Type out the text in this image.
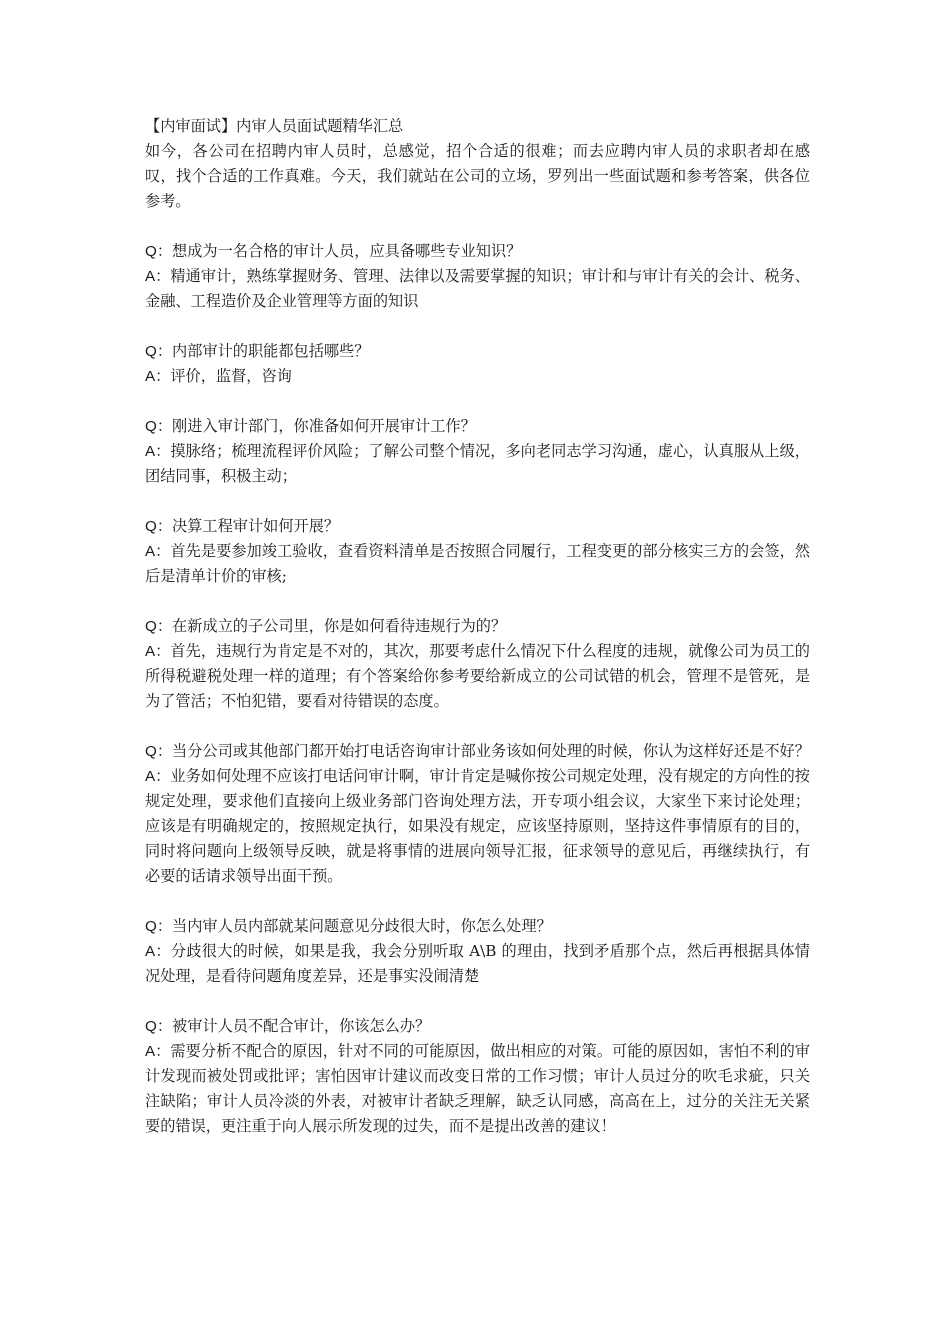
【内审面试】内审人员面试题精华汇总

如今，各公司在招聘内审人员时，总感觉，招个合适的很难；而去应聘内审人员的求职者却在感叹，找个合适的工作真难。今天，我们就站在公司的立场，罗列出一些面试题和参考答案，供各位参考。

Q：想成为一名合格的审计人员，应具备哪些专业知识？

A：精通审计，熟练掌握财务、管理、法律以及需要掌握的知识；审计和与审计有关的会计、税务、金融、工程造价及企业管理等方面的知识

Q：内部审计的职能都包括哪些？

A：评价，监督，咨询

Q：刚进入审计部门，你准备如何开展审计工作？

A：摸脉络；梳理流程评价风险；了解公司整个情况，多向老同志学习沟通，虚心，认真服从上级，团结同事，积极主动；

Q：决算工程审计如何开展？

A：首先是要参加竣工验收，查看资料清单是否按照合同履行，工程变更的部分核实三方的会签，然后是清单计价的审核;

Q：在新成立的子公司里，你是如何看待违规行为的？

A：首先，违规行为肯定是不对的，其次，那要考虑什么情况下什么程度的违规，就像公司为员工的所得税避税处理一样的道理；有个答案给你参考要给新成立的公司试错的机会，管理不是管死，是为了管活；不怕犯错，要看对待错误的态度。

Q：当分公司或其他部门都开始打电话咨询审计部业务该如何处理的时候，你认为这样好还是不好？

A：业务如何处理不应该打电话问审计啊，审计肯定是喊你按公司规定处理，没有规定的方向性的按规定处理，要求他们直接向上级业务部门咨询处理方法，开专项小组会议，大家坐下来讨论处理；应该是有明确规定的，按照规定执行，如果没有规定，应该坚持原则，坚持这件事情原有的目的，同时将问题向上级领导反映，就是将事情的进展向领导汇报，征求领导的意见后，再继续执行，有必要的话请求领导出面干预。

Q：当内审人员内部就某问题意见分歧很大时，你怎么处理？

A：分歧很大的时候，如果是我，我会分别听取 A\B 的理由，找到矛盾那个点，然后再根据具体情况处理，是看待问题角度差异，还是事实没闹清楚

Q：被审计人员不配合审计，你该怎么办？

A：需要分析不配合的原因，针对不同的可能原因，做出相应的对策。可能的原因如，害怕不利的审计发现而被处罚或批评；害怕因审计建议而改变日常的工作习惯；审计人员过分的吹毛求疵，只关注缺陷；审计人员冷淡的外表，对被审计者缺乏理解，缺乏认同感，高高在上，过分的关注无关紧要的错误，更注重于向人展示所发现的过失，而不是提出改善的建议！
